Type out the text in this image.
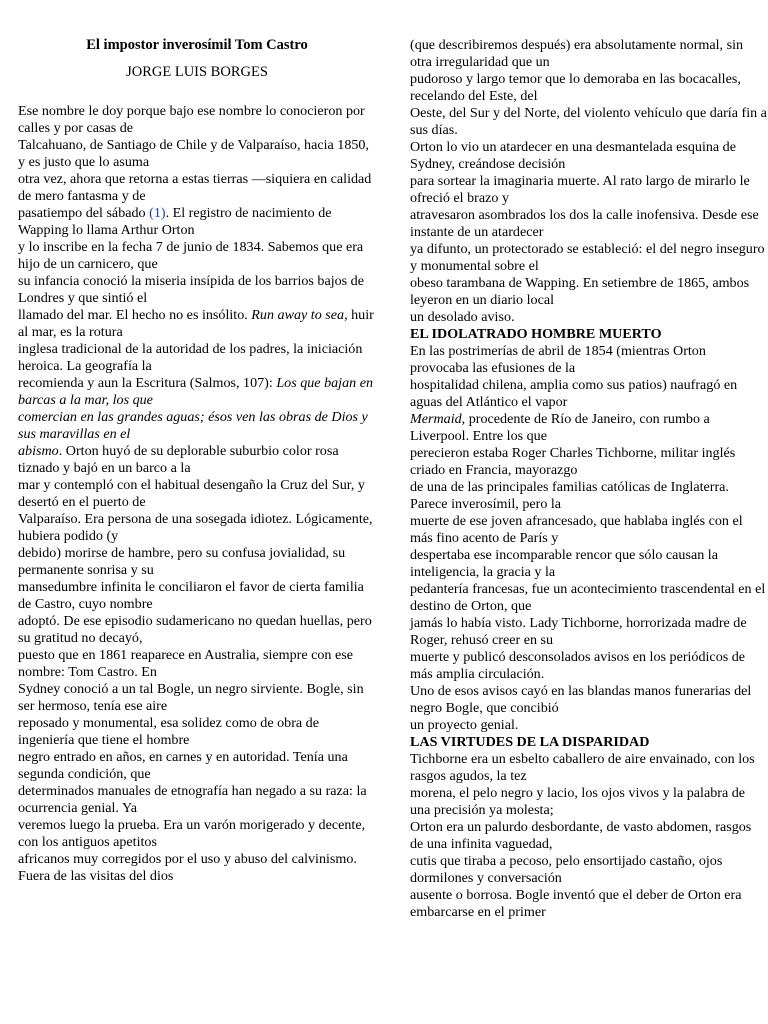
El impostor inverosímil Tom Castro
JORGE LUIS BORGES
Ese nombre le doy porque bajo ese nombre lo conocieron por calles y por casas de
Talcahuano, de Santiago de Chile y de Valparaíso, hacia 1850, y es justo que lo asuma
otra vez, ahora que retorna a estas tierras —siquiera en calidad de mero fantasma y de
pasatiempo del sábado (1). El registro de nacimiento de Wapping lo llama Arthur Orton
y lo inscribe en la fecha 7 de junio de 1834. Sabemos que era hijo de un carnicero, que
su infancia conoció la miseria insípida de los barrios bajos de Londres y que sintió el
llamado del mar. El hecho no es insólito. Run away to sea, huir al mar, es la rotura
inglesa tradicional de la autoridad de los padres, la iniciación heroica. La geografía la
recomienda y aun la Escritura (Salmos, 107): Los que bajan en barcas a la mar, los que
comercian en las grandes aguas; ésos ven las obras de Dios y sus maravillas en el
abismo. Orton huyó de su deplorable suburbio color rosa tiznado y bajó en un barco a la
mar y contempló con el habitual desengaño la Cruz del Sur, y desertó en el puerto de
Valparaíso. Era persona de una sosegada idiotez. Lógicamente, hubiera podido (y
debido) morirse de hambre, pero su confusa jovialidad, su permanente sonrisa y su
mansedumbre infinita le conciliaron el favor de cierta familia de Castro, cuyo nombre
adoptó. De ese episodio sudamericano no quedan huellas, pero su gratitud no decayó,
puesto que en 1861 reaparece en Australia, siempre con ese nombre: Tom Castro. En
Sydney conoció a un tal Bogle, un negro sirviente. Bogle, sin ser hermoso, tenía ese aire
reposado y monumental, esa solidez como de obra de ingeniería que tiene el hombre
negro entrado en años, en carnes y en autoridad. Tenía una segunda condición, que
determinados manuales de etnografía han negado a su raza: la ocurrencia genial. Ya
veremos luego la prueba. Era un varón morigerado y decente, con los antiguos apetitos
africanos muy corregidos por el uso y abuso del calvinismo. Fuera de las visitas del dios
(que describiremos después) era absolutamente normal, sin otra irregularidad que un
pudoroso y largo temor que lo demoraba en las bocacalles, recelando del Este, del
Oeste, del Sur y del Norte, del violento vehículo que daría fin a sus días.
Orton lo vio un atardecer en una desmantelada esquina de Sydney, creándose decisión
para sortear la imaginaria muerte. Al rato largo de mirarlo le ofreció el brazo y
atravesaron asombrados los dos la calle inofensiva. Desde ese instante de un atardecer
ya difunto, un protectorado se estableció: el del negro inseguro y monumental sobre el
obeso tarambana de Wapping. En setiembre de 1865, ambos leyeron en un diario local
un desolado aviso.
EL IDOLATRADO HOMBRE MUERTO
En las postrimerías de abril de 1854 (mientras Orton provocaba las efusiones de la
hospitalidad chilena, amplia como sus patios) naufragó en aguas del Atlántico el vapor
Mermaid, procedente de Río de Janeiro, con rumbo a Liverpool. Entre los que
perecieron estaba Roger Charles Tichborne, militar inglés criado en Francia, mayorazgo
de una de las principales familias católicas de Inglaterra. Parece inverosímil, pero la
muerte de ese joven afrancesado, que hablaba inglés con el más fino acento de París y
despertaba ese incomparable rencor que sólo causan la inteligencia, la gracia y la
pedantería francesas, fue un acontecimiento trascendental en el destino de Orton, que
jamás lo había visto. Lady Tichborne, horrorizada madre de Roger, rehusó creer en su
muerte y publicó desconsolados avisos en los periódicos de más amplia circulación.
Uno de esos avisos cayó en las blandas manos funerarias del negro Bogle, que concibió
un proyecto genial.
LAS VIRTUDES DE LA DISPARIDAD
Tichborne era un esbelto caballero de aire envainado, con los rasgos agudos, la tez
morena, el pelo negro y lacio, los ojos vivos y la palabra de una precisión ya molesta;
Orton era un palurdo desbordante, de vasto abdomen, rasgos de una infinita vaguedad,
cutis que tiraba a pecoso, pelo ensortijado castaño, ojos dormilones y conversación
ausente o borrosa. Bogle inventó que el deber de Orton era embarcarse en el primer
